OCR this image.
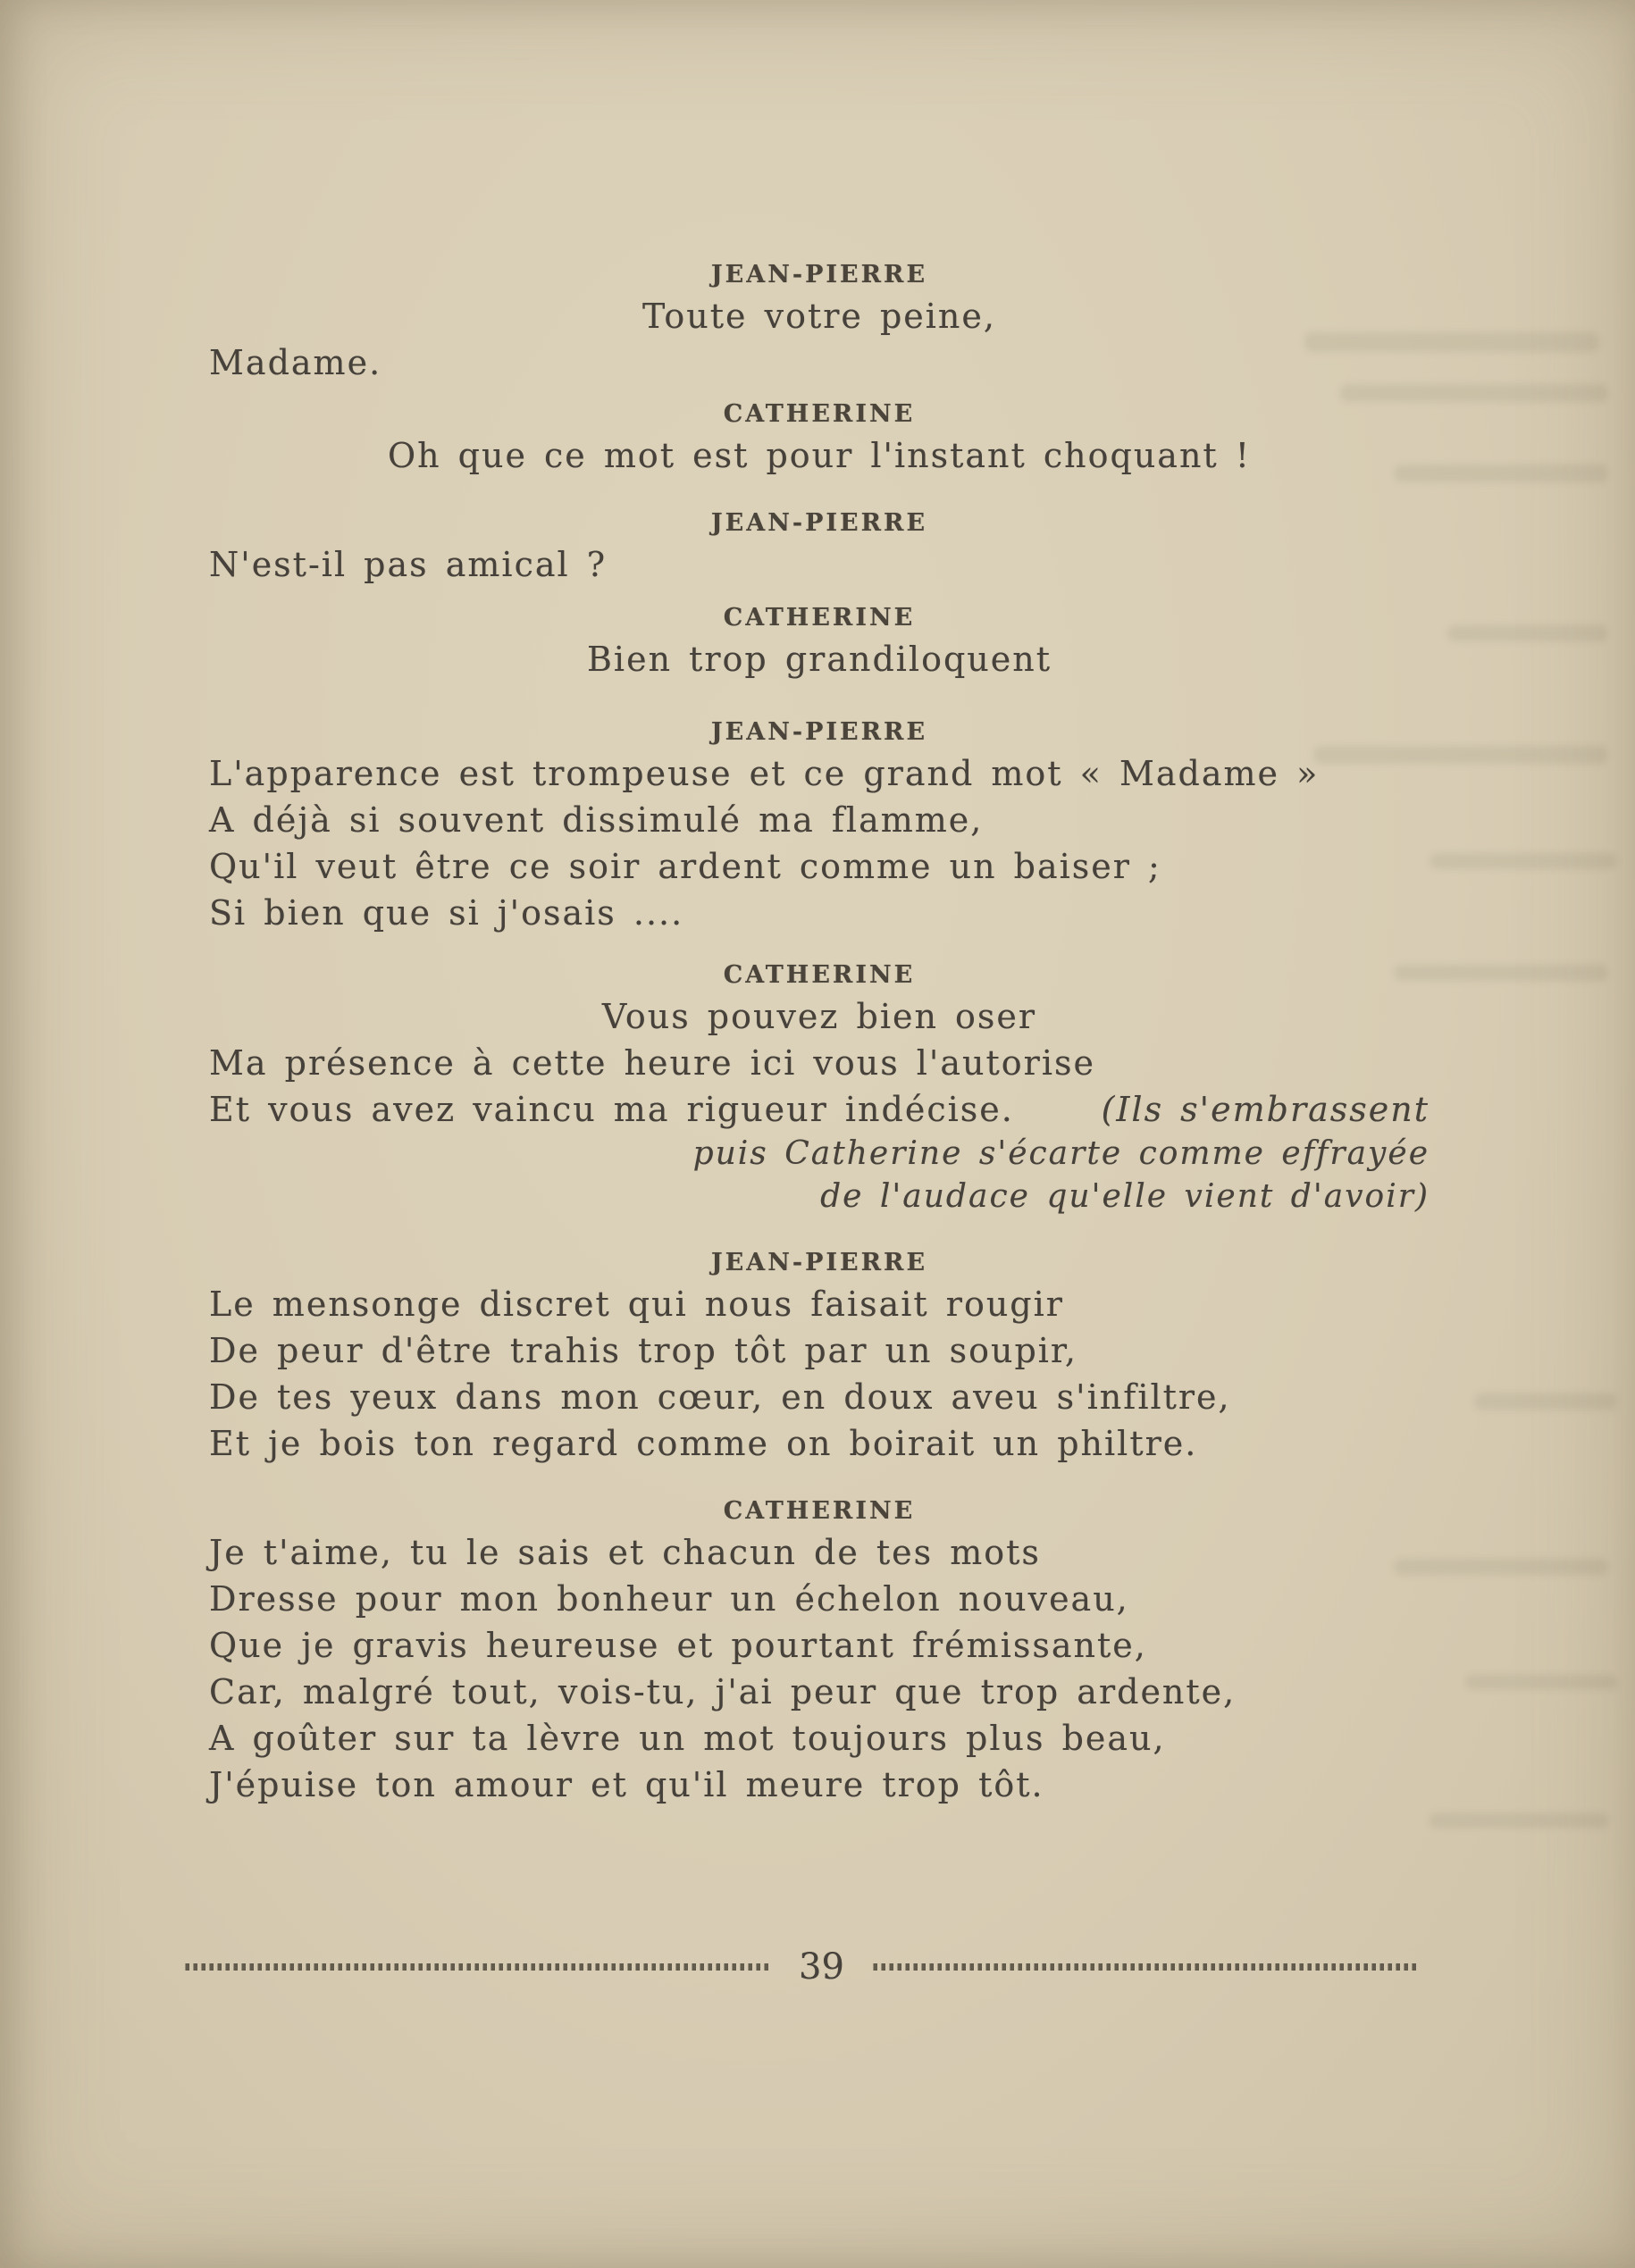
JEAN-PIERRE

Toute votre peine,

Madame.

CATHERINE

Oh que ce mot est pour l'instant choquant !

JEAN-PIERRE

N'est-il pas amical ?

CATHERINE

Bien trop grandiloquent

JEAN-PIERRE

L'apparence est trompeuse et ce grand mot « Madame »

A déjà si souvent dissimulé ma flamme,

Qu'il veut être ce soir ardent comme un baiser ;

Si bien que si j'osais ....

CATHERINE

Vous pouvez bien oser

Ma présence à cette heure ici vous l'autorise

Et vous avez vaincu ma rigueur indécise.	(Ils s'embrassent

puis Catherine s'écarte comme effrayée

de l'audace qu'elle vient d'avoir)

JEAN-PIERRE

Le mensonge discret qui nous faisait rougir

De peur d'être trahis trop tôt par un soupir,

De tes yeux dans mon cœur, en doux aveu s'infiltre,

Et je bois ton regard comme on boirait un philtre.

CATHERINE

Je t'aime, tu le sais et chacun de tes mots

Dresse pour mon bonheur un échelon nouveau,

Que je gravis heureuse et pourtant frémissante,

Car, malgré tout, vois-tu, j'ai peur que trop ardente,

A goûter sur ta lèvre un mot toujours plus beau,

J'épuise ton amour et qu'il meure trop tôt.

39
